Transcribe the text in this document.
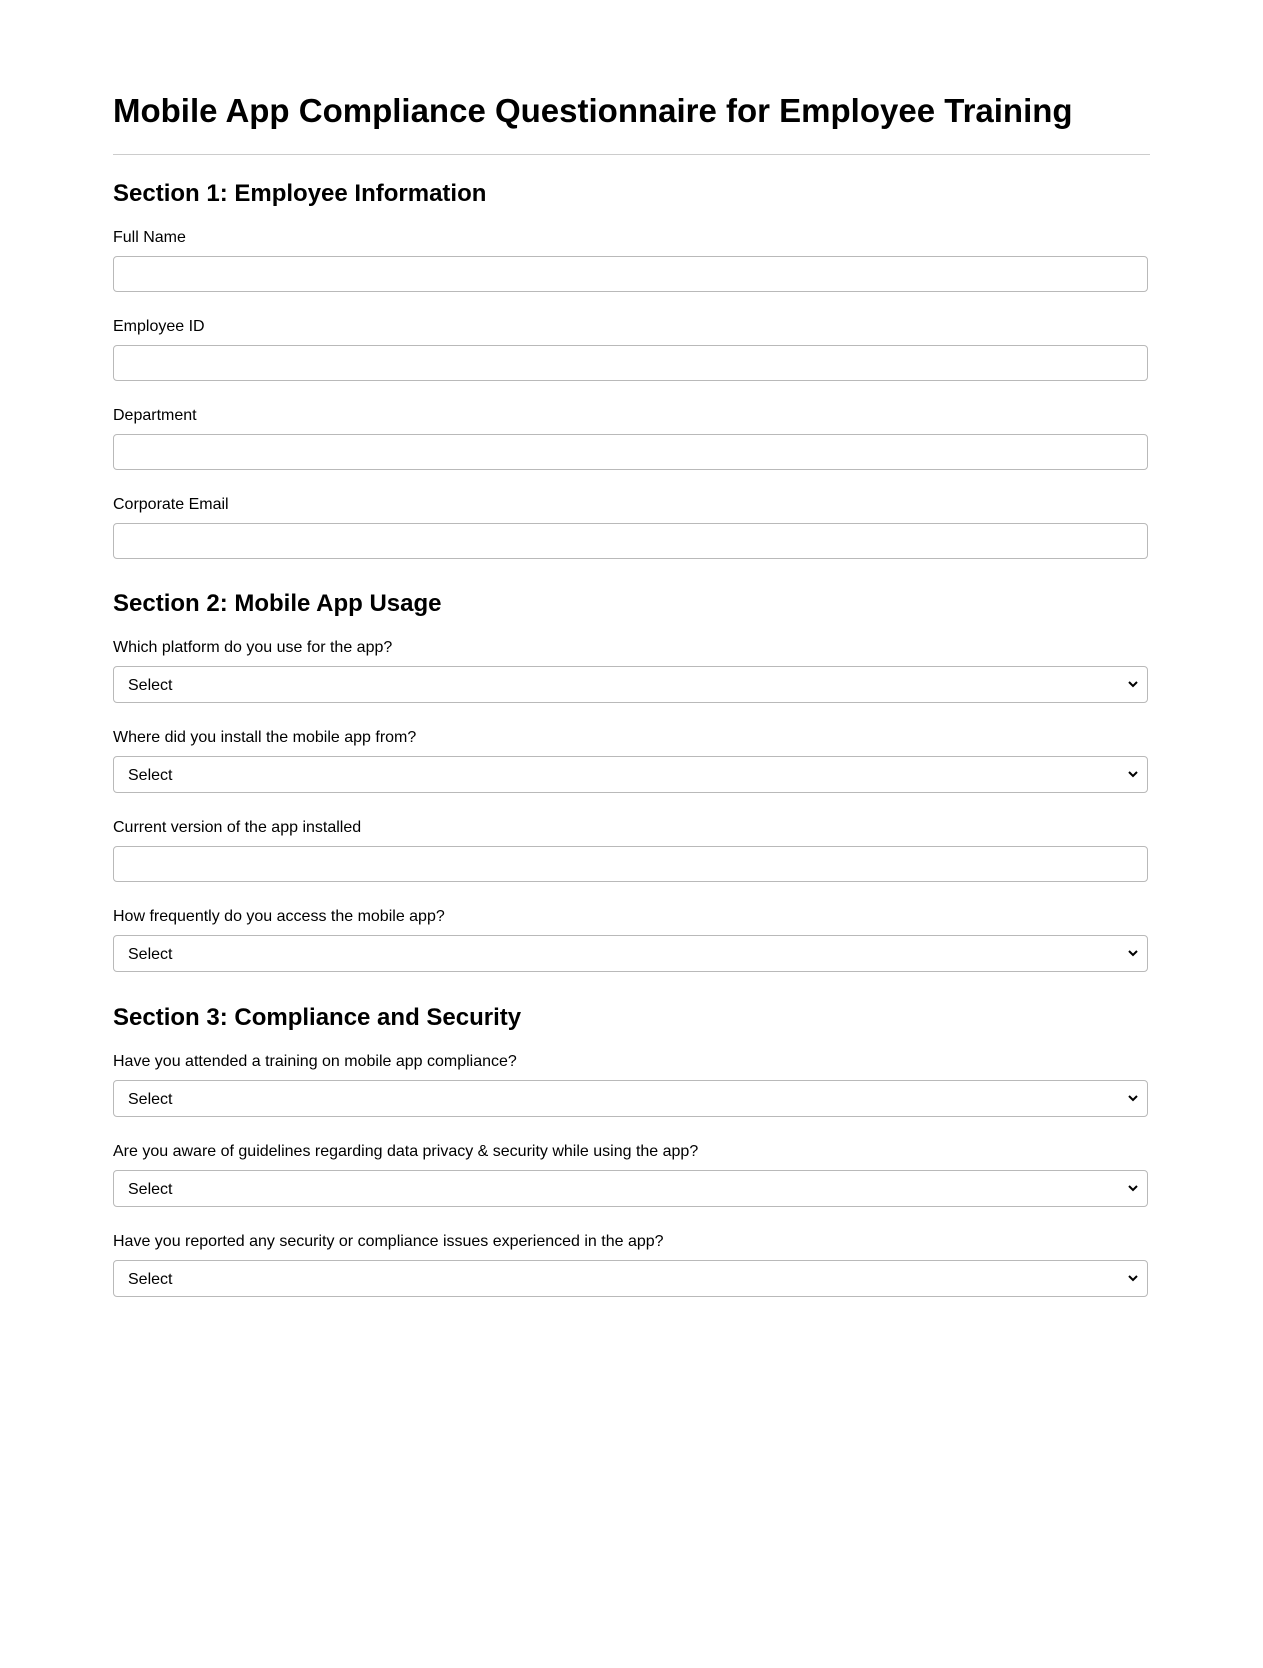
Mobile App Compliance Questionnaire for Employee Training
Section 1: Employee Information
Full Name
Employee ID
Department
Corporate Email
Section 2: Mobile App Usage
Which platform do you use for the app?
Select
Where did you install the mobile app from?
Select
Current version of the app installed
How frequently do you access the mobile app?
Select
Section 3: Compliance and Security
Have you attended a training on mobile app compliance?
Select
Are you aware of guidelines regarding data privacy & security while using the app?
Select
Have you reported any security or compliance issues experienced in the app?
Select
